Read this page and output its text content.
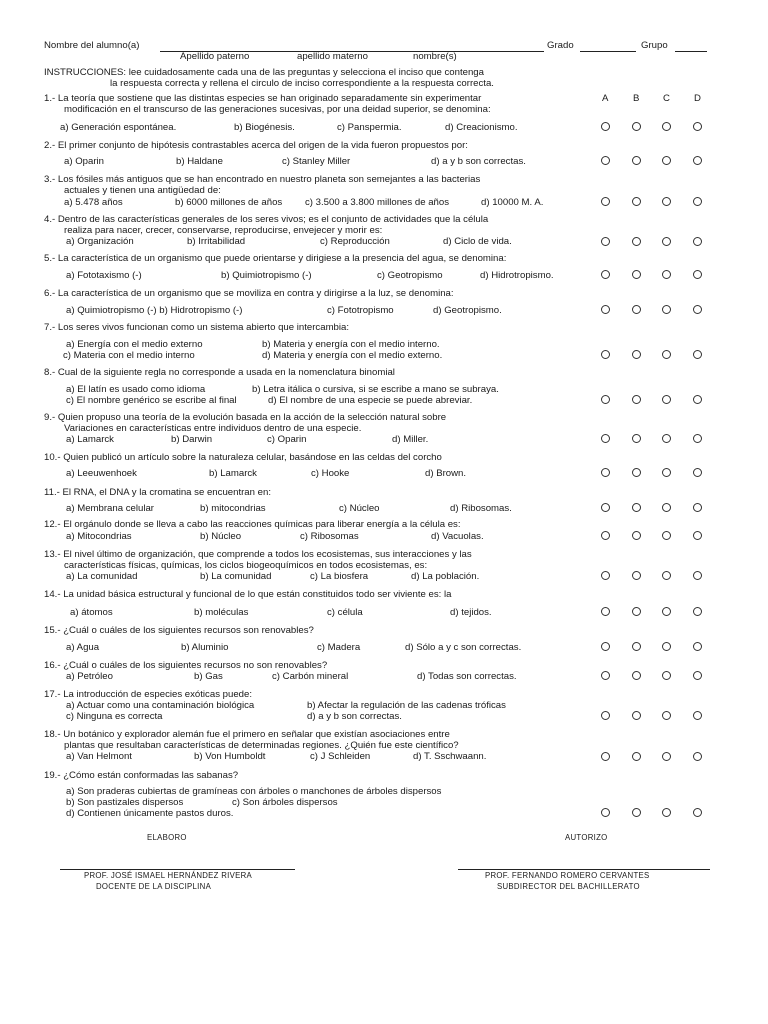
Nombre del alumno(a)	Grado	Grupo
Apellido paterno	apellido materno	nombre(s)
INSTRUCCIONES: lee cuidadosamente cada una de las preguntas y selecciona el inciso que contenga
la respuesta correcta y rellena el circulo de inciso correspondiente a la respuesta correcta.
A	B C	D
1.- La teoría que sostiene que las distintas especies se han originado separadamente sin experimentar
modificación en el transcurso de las generaciones sucesivas, por una deidad superior, se denomina:
a) Generación espontánea.	b) Biogénesis.	c) Panspermia.	d) Creacionismo.
2.- El primer conjunto de hipótesis contrastables acerca del origen de la vida fueron propuestos por:
a) Oparin	b) Haldane	c) Stanley Miller	d) a y b son correctas.
3.- Los fósiles más antiguos que se han encontrado en nuestro planeta son semejantes a las bacterias
actuales y tienen una antigüedad de:
a) 5.478 años	b) 6000 millones de años c) 3.500 a 3.800 millones de años	d) 10000 M. A.
4.- Dentro de las características generales de los seres vivos; es el conjunto de actividades que la célula
realiza para nacer, crecer, conservarse, reproducirse, envejecer y morir es:
a) Organización	b) Irritabilidad	c) Reproducción	d) Ciclo de vida.
5.- La característica de un organismo que puede orientarse y dirigiese a la presencia del agua, se denomina:
a) Fototaxismo (-)	b) Quimiotropismo (-)	c) Geotropismo	d) Hidrotropismo.
6.- La característica de un organismo que se moviliza en contra y dirigirse a la luz, se denomina:
a) Quimiotropismo (-) b) Hidrotropismo (-)	c) Fototropismo	d) Geotropismo.
7.- Los seres vivos funcionan como un sistema abierto que intercambia:
a) Energía con el medio externo	b) Materia y energía con el medio interno.
c) Materia con el medio interno	d) Materia y energía con el medio externo.
8.- Cual de la siguiente regla no corresponde a usada en la nomenclatura binomial
a) El latín es usado como idioma	b) Letra itálica o cursiva, si se escribe a mano se subraya.
c) El nombre genérico se escribe al final	d) El nombre de una especie se puede abreviar.
9.- Quien propuso una teoría de la evolución basada en la acción de la selección natural sobre
Variaciones en características entre individuos dentro de una especie.
a) Lamarck	b) Darwin	c) Oparin	d) Miller.
10.- Quien publicó un artículo sobre la naturaleza celular, basándose en las celdas del corcho
a) Leeuwenhoek	b) Lamarck	c) Hooke	d) Brown.
11.- El RNA, el DNA y la cromatina se encuentran en:
a) Membrana celular	b) mitocondrias	c) Núcleo	d) Ribosomas.
12.- El orgánulo donde se lleva a cabo las reacciones químicas para liberar energía a la célula es:
a) Mitocondrias	b) Núcleo	c) Ribosomas	d) Vacuolas.
13.- El nivel último de organización, que comprende a todos los ecosistemas, sus interacciones y las
características físicas, químicas, los ciclos biogeoquímicos en todos ecosistemas, es:
a) La comunidad	b) La comunidad	c) La biosfera	d) La población.
14.- La unidad básica estructural y funcional de lo que están constituidos todo ser viviente es: la
a) átomos	b) moléculas	c) célula	d) tejidos.
15.- ¿Cuál o cuáles de los siguientes recursos son renovables?
a) Agua	b) Aluminio	c) Madera	d) Sólo a y c son correctas.
16.- ¿Cuál o cuáles de los siguientes recursos no son renovables?
a) Petróleo	b) Gas	c) Carbón mineral	d) Todas son correctas.
17.- La introducción de especies exóticas puede:
a) Actuar como una contaminación biológica	b) Afectar la regulación de las cadenas tróficas
c) Ninguna es correcta	d) a y b son correctas.
18.- Un botánico y explorador alemán fue el primero en señalar que existían asociaciones entre
plantas que resultaban características de determinadas regiones. ¿Quién fue este científico?
a) Van Helmont	b) Von Humboldt	c) J Schleiden	d) T. Sschwaann.
19.- ¿Cómo están conformadas las sabanas?
a) Son praderas cubiertas de gramíneas con árboles o manchones de árboles dispersos
b) Son pastizales dispersos	c) Son árboles dispersos
d) Contienen únicamente pastos duros.
ELABORO	AUTORIZO
PROF. JOSÉ ISMAEL HERNÁNDEZ RIVERA
DOCENTE DE LA DISCIPLINA
PROF. FERNANDO ROMERO CERVANTES
SUBDIRECTOR DEL BACHILLERATO
